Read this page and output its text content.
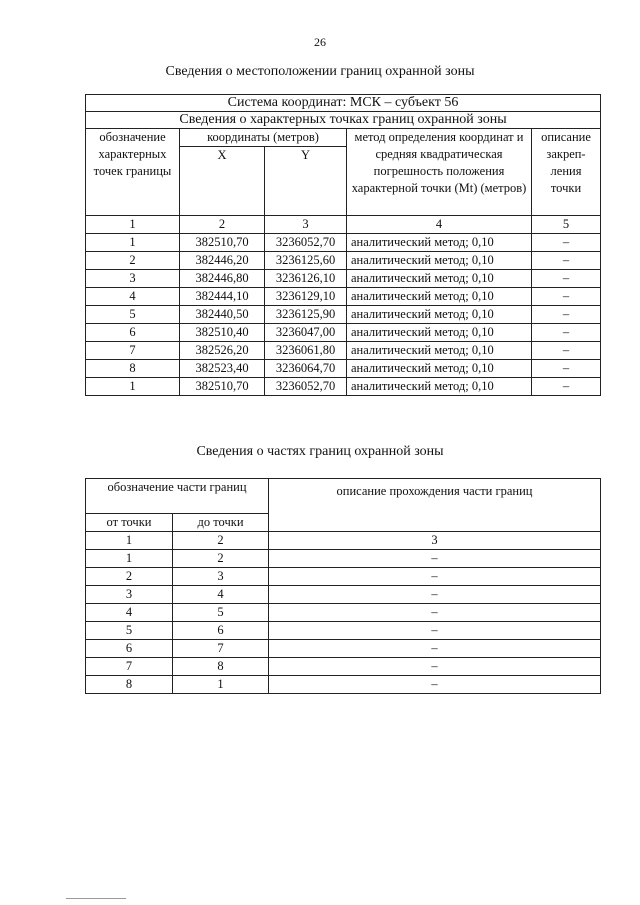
26
Сведения о местоположении границ охранной зоны
Система координат: МСК – субъект 56				
Сведения о характерных точках границ охранной зоны				
обозначение характерных точек границы	координаты (метров)		метод определения координат и средняя квадратическая погрешность положения характерной точки (Mt) (метров)	описание закреп-ления точки
	X	Y		
1	2	3	4	5
1	382510,70	3236052,70	аналитический метод; 0,10	–
2	382446,20	3236125,60	аналитический метод; 0,10	–
3	382446,80	3236126,10	аналитический метод; 0,10	–
4	382444,10	3236129,10	аналитический метод; 0,10	–
5	382440,50	3236125,90	аналитический метод; 0,10	–
6	382510,40	3236047,00	аналитический метод; 0,10	–
7	382526,20	3236061,80	аналитический метод; 0,10	–
8	382523,40	3236064,70	аналитический метод; 0,10	–
1	382510,70	3236052,70	аналитический метод; 0,10	–
Сведения о частях границ охранной зоны
обозначение части границ		описание прохождения части границ
от точки	до точки	
1	2	3
1	2	–
2	3	–
3	4	–
4	5	–
5	6	–
6	7	–
7	8	–
8	1	–
